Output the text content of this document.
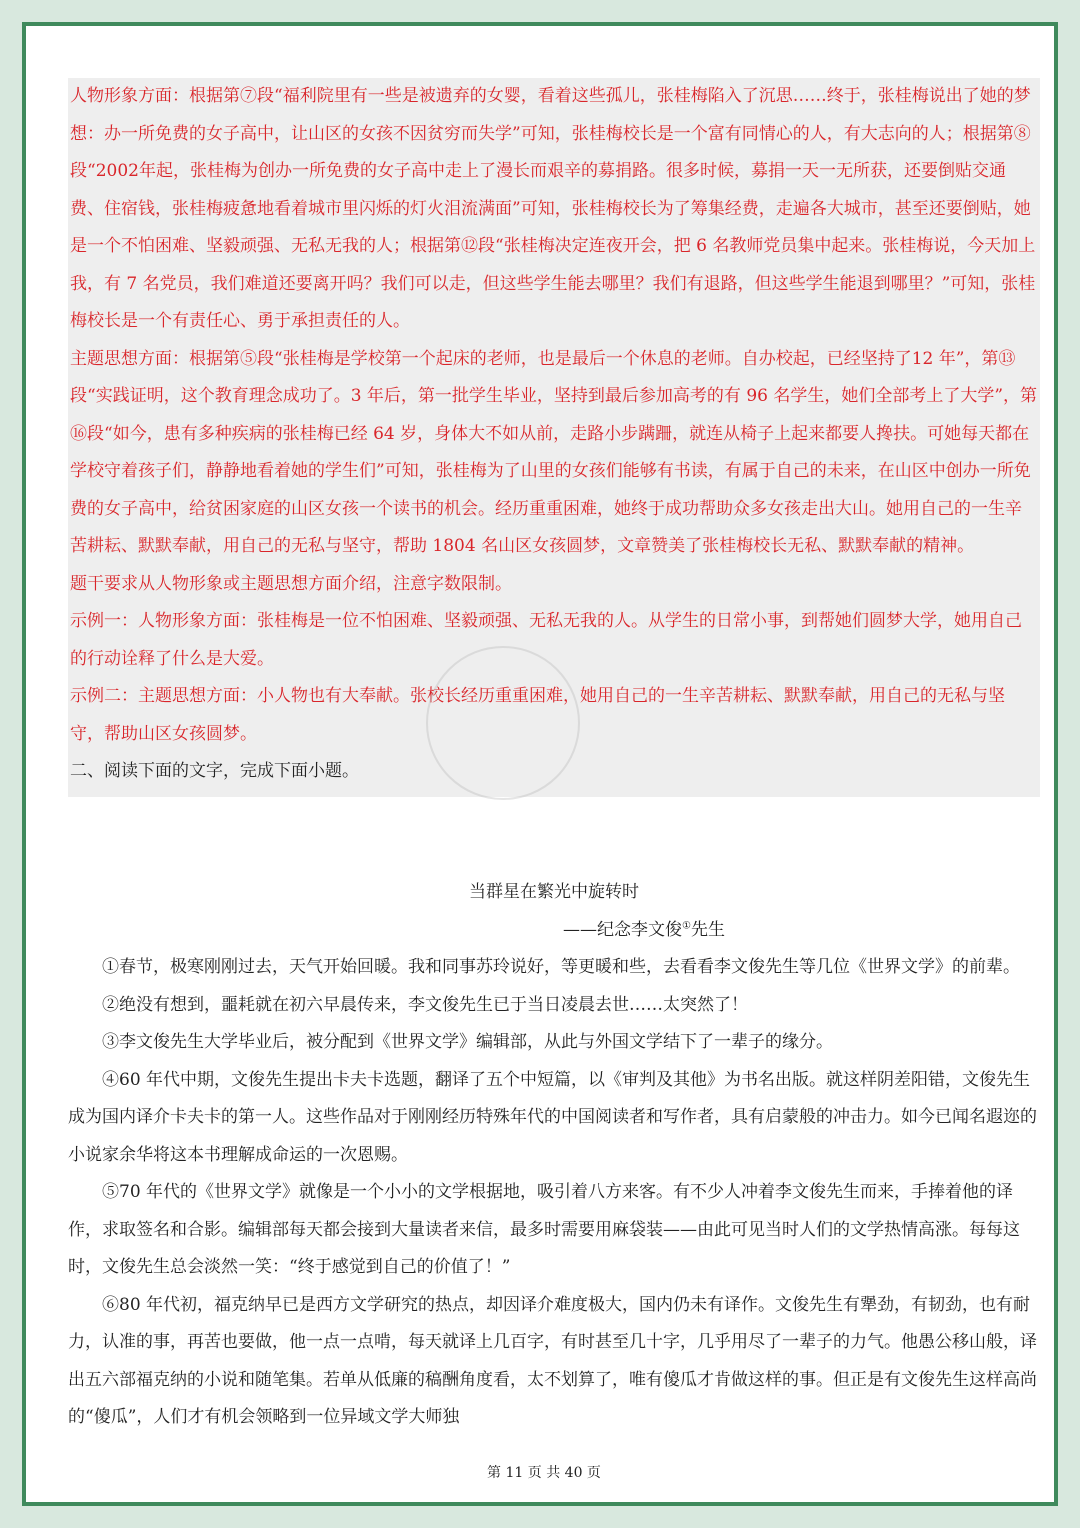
人物形象方面：根据第⑦段“福利院里有一些是被遗弃的女婴，看着这些孤儿，张桂梅陷入了沉思……终于，张桂梅说出了她的梦想：办一所免费的女子高中，让山区的女孩不因贫穷而失学”可知，张桂梅校长是一个富有同情心的人，有大志向的人；根据第⑧段“2002年起，张桂梅为创办一所免费的女子高中走上了漫长而艰辛的募捐路。很多时候，募捐一天一无所获，还要倒贴交通费、住宿钱，张桂梅疲惫地看着城市里闪烁的灯火泪流满面”可知，张桂梅校长为了筹集经费，走遍各大城市，甚至还要倒贴，她是一个不怕困难、坚毅顽强、无私无我的人；根据第⑫段“张桂梅决定连夜开会，把 6 名教师党员集中起来。张桂梅说，今天加上我，有 7 名党员，我们难道还要离开吗？我们可以走，但这些学生能去哪里？我们有退路，但这些学生能退到哪里？”可知，张桂梅校长是一个有责任心、勇于承担责任的人。

主题思想方面：根据第⑤段“张桂梅是学校第一个起床的老师，也是最后一个休息的老师。自办校起，已经坚持了12 年”，第⑬段“实践证明，这个教育理念成功了。3 年后，第一批学生毕业，坚持到最后参加高考的有 96 名学生，她们全部考上了大学”，第⑯段“如今，患有多种疾病的张桂梅已经 64 岁，身体大不如从前，走路小步蹒跚，就连从椅子上起来都要人搀扶。可她每天都在学校守着孩子们，静静地看着她的学生们”可知，张桂梅为了山里的女孩们能够有书读，有属于自己的未来，在山区中创办一所免费的女子高中，给贫困家庭的山区女孩一个读书的机会。经历重重困难，她终于成功帮助众多女孩走出大山。她用自己的一生辛苦耕耘、默默奉献，用自己的无私与坚守，帮助 1804 名山区女孩圆梦，文章赞美了张桂梅校长无私、默默奉献的精神。

题干要求从人物形象或主题思想方面介绍，注意字数限制。

示例一：人物形象方面：张桂梅是一位不怕困难、坚毅顽强、无私无我的人。从学生的日常小事，到帮她们圆梦大学，她用自己的行动诠释了什么是大爱。

示例二：主题思想方面：小人物也有大奉献。张校长经历重重困难，她用自己的一生辛苦耕耘、默默奉献，用自己的无私与坚守，帮助山区女孩圆梦。

二、阅读下面的文字，完成下面小题。

当群星在繁光中旋转时

——纪念李文俊①先生

①春节，极寒刚刚过去，天气开始回暖。我和同事苏玲说好，等更暖和些，去看看李文俊先生等几位《世界文学》的前辈。

②绝没有想到，噩耗就在初六早晨传来，李文俊先生已于当日凌晨去世……太突然了！

③李文俊先生大学毕业后，被分配到《世界文学》编辑部，从此与外国文学结下了一辈子的缘分。

④60 年代中期，文俊先生提出卡夫卡选题，翻译了五个中短篇，以《审判及其他》为书名出版。就这样阴差阳错，文俊先生成为国内译介卡夫卡的第一人。这些作品对于刚刚经历特殊年代的中国阅读者和写作者，具有启蒙般的冲击力。如今已闻名遐迩的小说家余华将这本书理解成命运的一次恩赐。

⑤70 年代的《世界文学》就像是一个小小的文学根据地，吸引着八方来客。有不少人冲着李文俊先生而来，手捧着他的译作，求取签名和合影。编辑部每天都会接到大量读者来信，最多时需要用麻袋装——由此可见当时人们的文学热情高涨。每每这时，文俊先生总会淡然一笑：“终于感觉到自己的价值了！”

⑥80 年代初，福克纳早已是西方文学研究的热点，却因译介难度极大，国内仍未有译作。文俊先生有犟劲，有韧劲，也有耐力，认准的事，再苦也要做，他一点一点啃，每天就译上几百字，有时甚至几十字，几乎用尽了一辈子的力气。他愚公移山般，译出五六部福克纳的小说和随笔集。若单从低廉的稿酬角度看，太不划算了，唯有傻瓜才肯做这样的事。但正是有文俊先生这样高尚的“傻瓜”，人们才有机会领略到一位异域文学大师独

第 11 页 共 40 页
